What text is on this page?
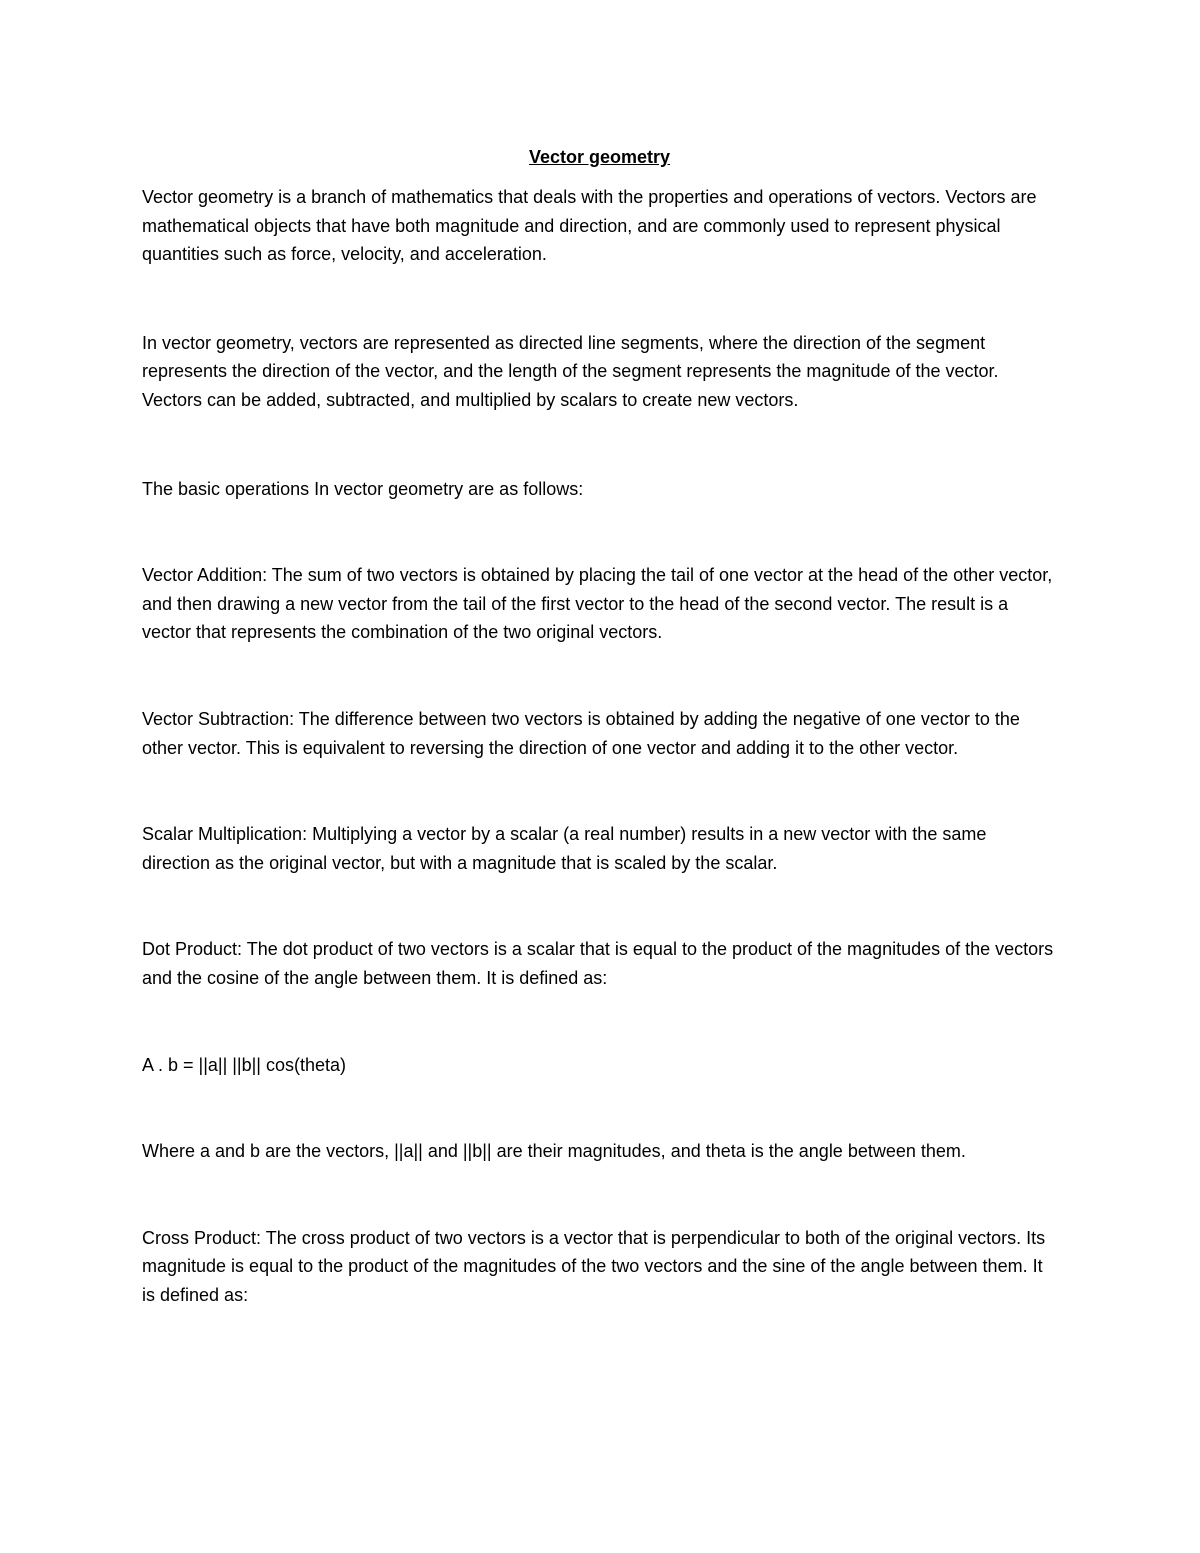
Vector geometry

Vector geometry is a branch of mathematics that deals with the properties and operations of vectors. Vectors are mathematical objects that have both magnitude and direction, and are commonly used to represent physical quantities such as force, velocity, and acceleration.

In vector geometry, vectors are represented as directed line segments, where the direction of the segment represents the direction of the vector, and the length of the segment represents the magnitude of the vector. Vectors can be added, subtracted, and multiplied by scalars to create new vectors.

The basic operations In vector geometry are as follows:

Vector Addition: The sum of two vectors is obtained by placing the tail of one vector at the head of the other vector, and then drawing a new vector from the tail of the first vector to the head of the second vector. The result is a vector that represents the combination of the two original vectors.

Vector Subtraction: The difference between two vectors is obtained by adding the negative of one vector to the other vector. This is equivalent to reversing the direction of one vector and adding it to the other vector.

Scalar Multiplication: Multiplying a vector by a scalar (a real number) results in a new vector with the same direction as the original vector, but with a magnitude that is scaled by the scalar.

Dot Product: The dot product of two vectors is a scalar that is equal to the product of the magnitudes of the vectors and the cosine of the angle between them. It is defined as:

A . b = ||a|| ||b|| cos(theta)

Where a and b are the vectors, ||a|| and ||b|| are their magnitudes, and theta is the angle between them.

Cross Product: The cross product of two vectors is a vector that is perpendicular to both of the original vectors. Its magnitude is equal to the product of the magnitudes of the two vectors and the sine of the angle between them. It is defined as:
